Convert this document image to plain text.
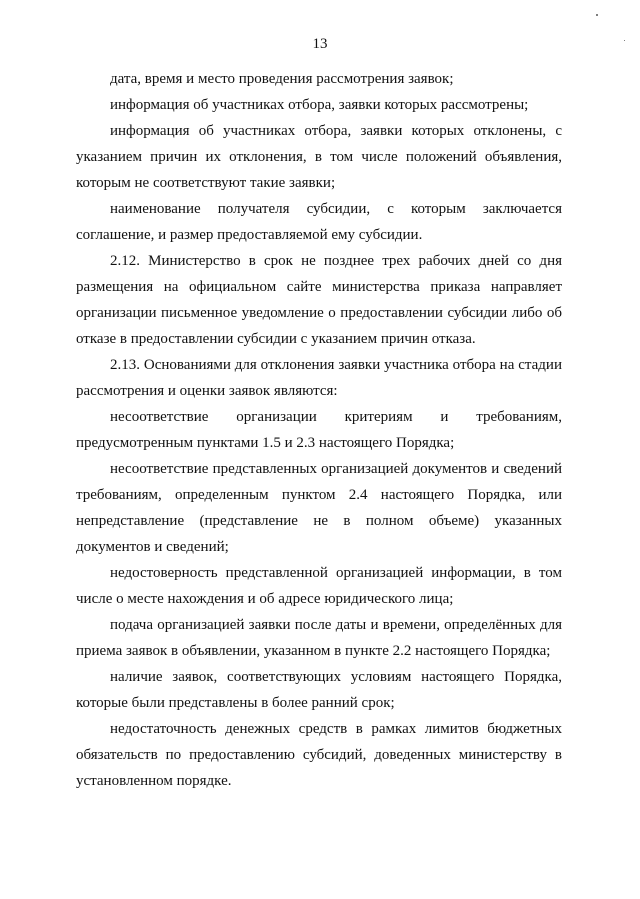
13

дата, время и место проведения рассмотрения заявок;

информация об участниках отбора, заявки которых рассмотрены;

информация об участниках отбора, заявки которых отклонены, с указанием причин их отклонения, в том числе положений объявления, которым не соответствуют такие заявки;

наименование получателя субсидии, с которым заключается соглашение, и размер предоставляемой ему субсидии.

2.12. Министерство в срок не позднее трех рабочих дней со дня размещения на официальном сайте министерства приказа направляет организации письменное уведомление о предоставлении субсидии либо об отказе в предоставлении субсидии с указанием причин отказа.

2.13. Основаниями для отклонения заявки участника отбора на стадии рассмотрения и оценки заявок являются:

несоответствие организации критериям и требованиям, предусмотренным пунктами 1.5 и 2.3 настоящего Порядка;

несоответствие представленных организацией документов и сведений требованиям, определенным пунктом 2.4 настоящего Порядка, или непредставление (представление не в полном объеме) указанных документов и сведений;

недостоверность представленной организацией информации, в том числе о месте нахождения и об адресе юридического лица;

подача организацией заявки после даты и времени, определённых для приема заявок в объявлении, указанном в пункте 2.2 настоящего Порядка;

наличие заявок, соответствующих условиям настоящего Порядка, которые были представлены в более ранний срок;

недостаточность денежных средств в рамках лимитов бюджетных обязательств по предоставлению субсидий, доведенных министерству в установленном порядке.
